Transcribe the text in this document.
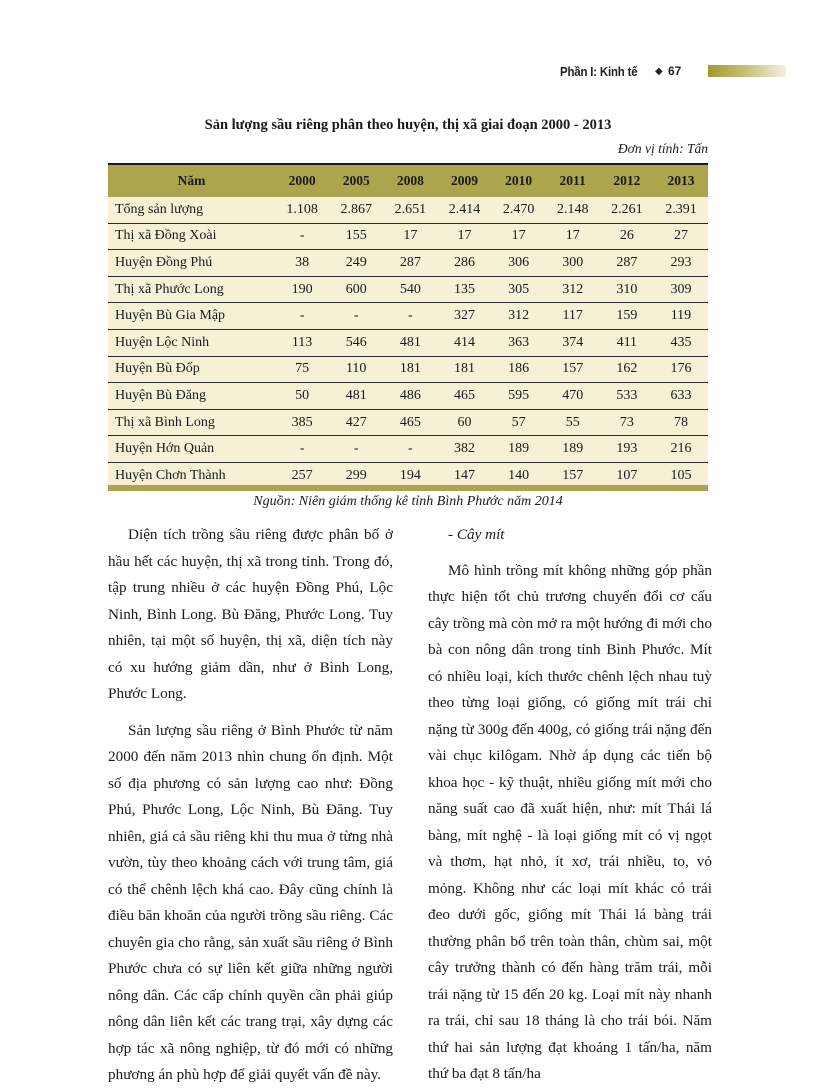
Phần I: Kinh tế ◆ 67
Sản lượng sầu riêng phân theo huyện, thị xã giai đoạn 2000 - 2013
Đơn vị tính: Tấn
Năm	2000	2005	2008	2009	2010	2011	2012	2013
Tổng sản lượng	1.108	2.867	2.651	2.414	2.470	2.148	2.261	2.391
Thị xã Đồng Xoài	-	155	17	17	17	17	26	27
Huyện Đồng Phú	38	249	287	286	306	300	287	293
Thị xã Phước Long	190	600	540	135	305	312	310	309
Huyện Bù Gia Mập	-	-	-	327	312	117	159	119
Huyện Lộc Ninh	113	546	481	414	363	374	411	435
Huyện Bù Đốp	75	110	181	181	186	157	162	176
Huyện Bù Đăng	50	481	486	465	595	470	533	633
Thị xã Bình Long	385	427	465	60	57	55	73	78
Huyện Hớn Quản	-	-	-	382	189	189	193	216
Huyện Chơn Thành	257	299	194	147	140	157	107	105
Nguồn: Niên giám thống kê tỉnh Bình Phước năm 2014

Diện tích trồng sầu riêng được phân bố ở hầu hết các huyện, thị xã trong tỉnh. Trong đó, tập trung nhiều ở các huyện Đồng Phú, Lộc Ninh, Bình Long. Bù Đăng, Phước Long. Tuy nhiên, tại một số huyện, thị xã, diện tích này có xu hướng giảm dần, như ở Bình Long, Phước Long.

Sản lượng sầu riêng ở Bình Phước từ năm 2000 đến năm 2013 nhìn chung ổn định. Một số địa phương có sản lượng cao như: Đồng Phú, Phước Long, Lộc Ninh, Bù Đăng. Tuy nhiên, giá cả sầu riêng khi thu mua ở từng nhà vườn, tùy theo khoảng cách với trung tâm, giá có thể chênh lệch khá cao. Đây cũng chính là điều băn khoăn của người trồng sầu riêng. Các chuyên gia cho rằng, sản xuất sầu riêng ở Bình Phước chưa có sự liên kết giữa những người nông dân. Các cấp chính quyền cần phải giúp nông dân liên kết các trang trại, xây dựng các hợp tác xã nông nghiệp, từ đó mới có những phương án phù hợp để giải quyết vấn đề này.

- Cây mít

Mô hình trồng mít không những góp phần thực hiện tốt chủ trương chuyển đổi cơ cấu cây trồng mà còn mở ra một hướng đi mới cho bà con nông dân trong tỉnh Bình Phước. Mít có nhiều loại, kích thước chênh lệch nhau tuỳ theo từng loại giống, có giống mít trái chỉ nặng từ 300g đến 400g, có giống trái nặng đến vài chục kilôgam. Nhờ áp dụng các tiến bộ khoa học - kỹ thuật, nhiều giống mít mới cho năng suất cao đã xuất hiện, như: mít Thái lá bàng, mít nghệ - là loại giống mít có vị ngọt và thơm, hạt nhỏ, ít xơ, trái nhiều, to, vỏ mỏng. Không như các loại mít khác có trái đeo dưới gốc, giống mít Thái lá bàng trái thường phân bổ trên toàn thân, chùm sai, một cây trưởng thành có đến hàng trăm trái, mỗi trái nặng từ 15 đến 20 kg. Loại mít này nhanh ra trái, chỉ sau 18 tháng là cho trái bói. Năm thứ hai sản lượng đạt khoảng 1 tấn/ha, năm thứ ba đạt 8 tấn/ha
